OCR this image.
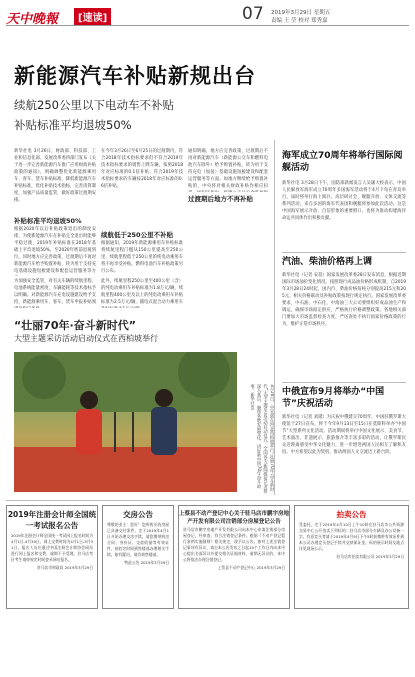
天中晚報	[速读]	07 2019年3月29日 星期五
责编 王 莹 校对 郑秀嘉
新能源汽车补贴新规出台
续航250公里以下电动车不补贴
补贴标准平均退坡50%
新华社电 3月26日，财政部、科技部、工业和信息化部、发展改革委四部门发布《关于进一步完善新能源汽车推广应用财政补贴政策的通知》，明确调整优化新能源乘用车、客车、货车补贴标准，降低新能源汽车补贴标准，优化补贴技术指标，完善清算制度，加强产品质量监管，做好政策过渡期安排。
补贴标准平均退坡50%
根据2020年以后补贴政策退出的制度安排，为使新能源汽车在补贴完全退出时能够平稳过渡，2019年补贴标准在2018年基础上平均退坡50%，至2020年底前退坡到位。同时地方应完善政策，过渡期后不再对新能源汽车给予购置补贴，转为用于支持充电基础设施短板建设和配套运营服务等方
为加强安全监管，对有关车辆的续航里程、电池系统能量密度、车辆能耗等技术指标予以明确。对新能源汽车充电设施建设给予支持，新能源乘用车、客车、货车申报补贴须
在今年3月26日至6月25日的过渡期内，符合2018年技术指标要求但不符合2019年技术指标要求的销售上牌车辆，按照2018年对应标准的0.1倍补贴；符合2019年技术指标要求的车辆按2018年对应标准的0.6倍补贴。
续航低于250公里不补贴
根据通知，2019年新能源乘用车补贴标准将续航里程门槛从150公里提高至250公里，续航里程低于250公里的纯电动乘用车将不再享受补贴。燃料电池汽车补贴政策另行公布。
此外，续航里程250公里至400公里（含）的纯电动乘用车补贴标准为1.8万元/辆，续航里程400公里及以上的纯电动乘用车补贴标准为2.5万元/辆，插电式混合动力乘用车
过渡期后地方不再补贴
通知明确，地方应完善政策，过渡期后不再对新能源汽车（新能源公交车和燃料电池汽车除外）给予购置补贴，转为用于支持充电（加氢）基础设施短板建设和配套运营服务等方面。如地方继续给予购置补贴的，中央将对相关财政补贴作相应扣
海军成立70周年将举行国际阅舰活动
新华社电 3月28日下午，国防部新闻发言人吴谦大校表示，中国人民解放军海军成立70周年多国海军活动将于4月下旬在青岛举行，届时将举行海上阅兵、高层研讨会、舰艇开放、文体交流等系列活动。来自多国的海军代表团和舰艇将参加此次活动。这是中国海军展示开放、自信形象的重要窗口，也将为推动构建海洋命运共同体作出积极贡献。
汽油、柴油价格再上调
新华社电（记者 安蓓）国家发展改革委28日发布消息，根据近期国际市场油价变化情况，按照现行成品油价格形成机制，自2019年3月28日24时起，国内汽、柴油价格每吨分别提高215元和205元。相关价格联动及补贴政策按现行规定执行。国家发展改革委要求，中石油、中石化、中海油三大公司要组织好成品油生产和调运，确保市场稳定供应，严格执行价格调整政策。各地相关部门要加大市场监督检查力度，严厉查处不执行国家价格政策的行为，维护正常市场秩序。
中俄宣布9月将举办“中国节”庆祝活动
新华社电（记者 刘锴）为庆祝中俄建交70周年，中国驻俄罗斯大使馆于27日宣布，将于今年9月13日至15日在莫斯科举办“中国节”大型系列文化活动。活动期间将举行中国文化展示、美食节、艺术演出、非遗展示、旅游推介等丰富多彩的活动，让俄罗斯民众近距离感受中华文化魅力，进一步增进两国人民相互了解和友谊。中方希望以此为契机，推动两国人文交流迈上新台阶。
“壮丽70年·奋斗新时代”
大型主题采访活动启动仪式在西柏坡举行
3月28日，中宣部在河北西柏坡举行“壮丽70年·奋斗新时代”大型主题采访活动启动仪式，全国各大新闻媒体记者将深入基层，聚焦各地发展变化，讲好新中国70年奋斗故事。新华社发
2019年注册会计师全国统一考试报名公告
2019年注册会计师全国统一考试网上报名时间为4月1日-4月30日，网上交费时间为4月1日-5月31日。报名人员应通过中国注册会计师协会网站进行网上报名和交费，逾期不予受理。驻马店考区考生请按规定时间登录网站报名。
驻马店市财政局 2019年3月29日
交房公告
尊敬的业主：您好！您所购买的房屋已具备交付条件，定于2019年4月1日开始办理交房手续。请您携带购房合同、身份证、交款收据等有效证件，按约定时间到售楼部办理相关手续。如有疑问，请咨询售楼部。
特此公告 2019年3月29日
上蔡县不动产登记中心关于驻马店市鹏宇房地产开发有限公司注销部分房屋登记公告
驻马店市鹏宇房地产开发有限公司向本中心申请注销部分房屋登记，经审查，符合注销登记条件。根据《不动产登记暂行条例实施细则》相关规定，现予以公告。如对上述注销登记事项有异议，请自本公告发布之日起15个工作日内向本中心提出书面异议并提交相关证据材料，逾期无异议的，本中心将依法办理注销登记。
上蔡县不动产登记中心 2019年3月29日
拍卖公告
受委托，定于2019年4月10日上午10时在驻马店市公共资源交易中心公开拍卖下列标的：驻马店市部分车辆及办公设备一宗。有意竞买者请于2019年4月9日下午5时前携带有效证件到本公司办理竞买登记手续并交纳保证金。标的展示时间及地点详见现场公示。
驻马店市拍卖有限公司 2019年3月29日
